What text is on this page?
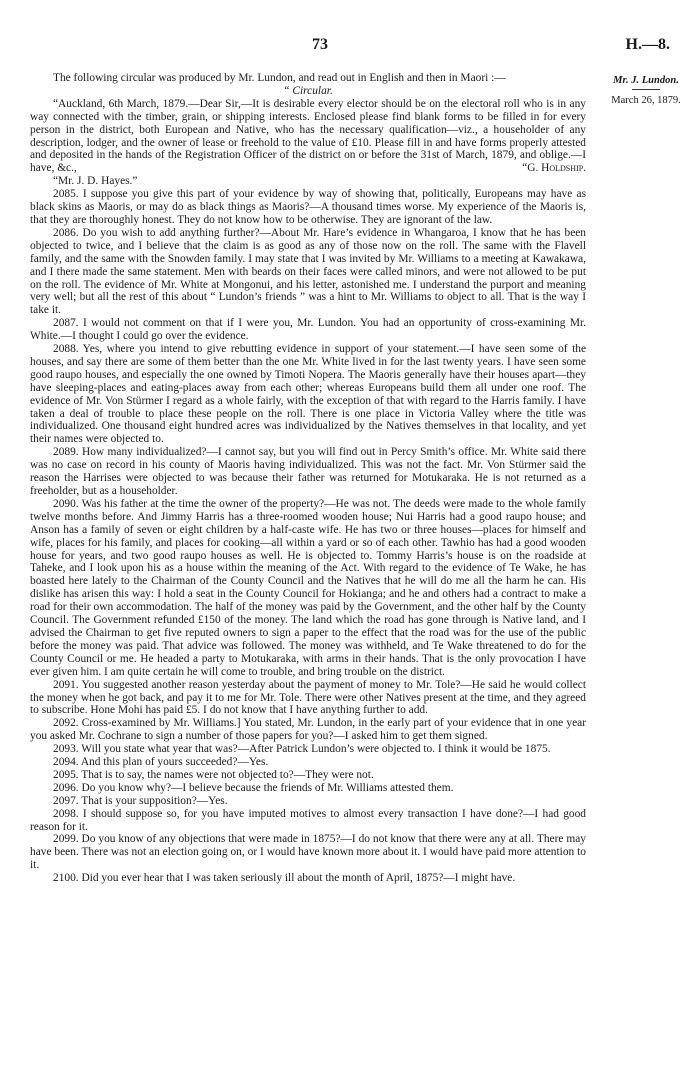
73	H.—8.
Mr. J. Lundon.
March 26, 1879.

The following circular was produced by Mr. Lundon, and read out in English and then in Maori :—

“ Circular.

“Auckland, 6th March, 1879.—Dear Sir,—It is desirable every elector should be on the electoral roll who is in any way connected with the timber, grain, or shipping interests. Enclosed please find blank forms to be filled in for every person in the district, both European and Native, who has the necessary qualification—viz., a householder of any description, lodger, and the owner of lease or freehold to the value of £10. Please fill in and have forms properly attested and deposited in the hands of the Registration Officer of the district on or before the 31st of March, 1879, and oblige.—I have, &c.,	“G. Holdship.

“Mr. J. D. Hayes.”

2085. I suppose you give this part of your evidence by way of showing that, politically, Europeans may have as black skins as Maoris, or may do as black things as Maoris?—A thousand times worse. My experience of the Maoris is, that they are thoroughly honest. They do not know how to be otherwise. They are ignorant of the law.

2086. Do you wish to add anything further?—About Mr. Hare’s evidence in Whangaroa, I know that he has been objected to twice, and I believe that the claim is as good as any of those now on the roll. The same with the Flavell family, and the same with the Snowden family. I may state that I was invited by Mr. Williams to a meeting at Kawakawa, and I there made the same statement. Men with beards on their faces were called minors, and were not allowed to be put on the roll. The evidence of Mr. White at Mongonui, and his letter, astonished me. I understand the purport and meaning very well; but all the rest of this about “ Lundon’s friends ” was a hint to Mr. Williams to object to all. That is the way I take it.

2087. I would not comment on that if I were you, Mr. Lundon. You had an opportunity of cross-examining Mr. White.—I thought I could go over the evidence.

2088. Yes, where you intend to give rebutting evidence in support of your statement.—I have seen some of the houses, and say there are some of them better than the one Mr. White lived in for the last twenty years. I have seen some good raupo houses, and especially the one owned by Timoti Nopera. The Maoris generally have their houses apart—they have sleeping-places and eating-places away from each other; whereas Europeans build them all under one roof. The evidence of Mr. Von Stürmer I regard as a whole fairly, with the exception of that with regard to the Harris family. I have taken a deal of trouble to place these people on the roll. There is one place in Victoria Valley where the title was individualized. One thousand eight hundred acres was individualized by the Natives themselves in that locality, and yet their names were objected to.

2089. How many individualized?—I cannot say, but you will find out in Percy Smith’s office. Mr. White said there was no case on record in his county of Maoris having individualized. This was not the fact. Mr. Von Stürmer said the reason the Harrises were objected to was because their father was returned for Motukaraka. He is not returned as a freeholder, but as a householder.

2090. Was his father at the time the owner of the property?—He was not. The deeds were made to the whole family twelve months before. And Jimmy Harris has a three-roomed wooden house; Nui Harris had a good raupo house; and Anson has a family of seven or eight children by a half-caste wife. He has two or three houses—places for himself and wife, places for his family, and places for cooking—all within a yard or so of each other. Tawhio has had a good wooden house for years, and two good raupo houses as well. He is objected to. Tommy Harris’s house is on the roadside at Taheke, and I look upon his as a house within the meaning of the Act. With regard to the evidence of Te Wake, he has boasted here lately to the Chairman of the County Council and the Natives that he will do me all the harm he can. His dislike has arisen this way: I hold a seat in the County Council for Hokianga; and he and others had a contract to make a road for their own accommodation. The half of the money was paid by the Government, and the other half by the County Council. The Government refunded £150 of the money. The land which the road has gone through is Native land, and I advised the Chairman to get five reputed owners to sign a paper to the effect that the road was for the use of the public before the money was paid. That advice was followed. The money was withheld, and Te Wake threatened to do for the County Council or me. He headed a party to Motukaraka, with arms in their hands. That is the only provocation I have ever given him. I am quite certain he will come to trouble, and bring trouble on the district.

2091. You suggested another reason yesterday about the payment of money to Mr. Tole?—He said he would collect the money when he got back, and pay it to me for Mr. Tole. There were other Natives present at the time, and they agreed to subscribe. Hone Mohi has paid £5. I do not know that I have anything further to add.

2092. Cross-examined by Mr. Williams.] You stated, Mr. Lundon, in the early part of your evidence that in one year you asked Mr. Cochrane to sign a number of those papers for you?—I asked him to get them signed.

2093. Will you state what year that was?—After Patrick Lundon’s were objected to. I think it would be 1875.

2094. And this plan of yours succeeded?—Yes.

2095. That is to say, the names were not objected to?—They were not.

2096. Do you know why?—I believe because the friends of Mr. Williams attested them.

2097. That is your supposition?—Yes.

2098. I should suppose so, for you have imputed motives to almost every transaction I have done?—I had good reason for it.

2099. Do you know of any objections that were made in 1875?—I do not know that there were any at all. There may have been. There was not an election going on, or I would have known more about it. I would have paid more attention to it.

2100. Did you ever hear that I was taken seriously ill about the month of April, 1875?—I might have.
